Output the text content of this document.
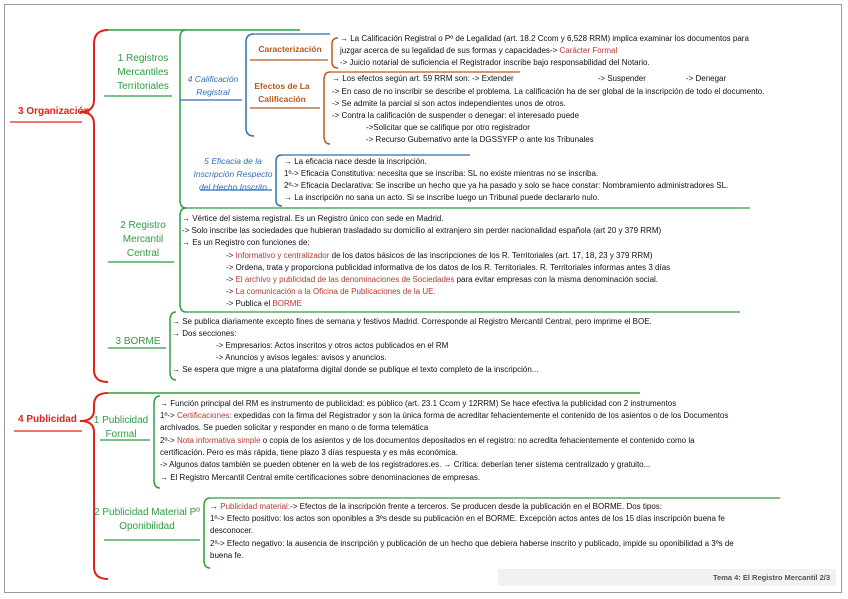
3 Organización
4 Publicidad
1 Registros Mercantiles Territoriales
4 Calificación Registral
Caracterización
Efectos de La Calificación
5 Eficacia de la Inscripción Respecto del Hecho Inscrito
2 Registro Mercantil Central
3 BORME
1 Publicidad Formal
2 Publicidad Material Pº Oponibilidad
→ La Calificación Registral o Pº de Legalidad (art. 18.2 Ccom y 6,528 RRM) implica examinar los documentos para
juzgar acerca de su legalidad de sus formas y capacidades-> Carácter Formal
-> Juicio notarial de suficiencia el Registrador inscribe bajo responsabilidad del Notario.
→ Los efectos según art. 59 RRM son: -> Extender	-> Suspender	-> Denegar
-> En caso de no inscribir se describe el problema. La calificación ha de ser global de la inscripción de todo el documento.
-> Se admite la parcial si son actos independientes unos de otros.
-> Contra la calificación de suspender o denegar: el interesado puede
->Solicitar que se califique por otro registrador
-> Recurso Gubernativo ante la DGSSYFP o ante los Tribunales
→ La eficacia nace desde la inscripción.
1º-> Eficacia Constitutiva: necesita que se inscriba: SL no existe mientras no se inscriba.
2º-> Eficacia Declarativa: Se inscribe un hecho que ya ha pasado y solo se hace constar: Nombramiento administradores SL.
→ La inscripción no sana un acto. Si se inscribe luego un Tribunal puede declararlo nulo.
→ Vértice del sistema registral. Es un Registro único con sede en Madrid.
-> Solo inscribe las sociedades que hubieran trasladado su domicilio al extranjero sin perder nacionalidad española (art 20 y 379 RRM)
→ Es un Registro con funciones de:
-> Informativo y centralizador de los datos básicos de las inscripciones de los R. Territoriales (art. 17, 18, 23 y 379 RRM)
-> Ordena, trata y proporciona publicidad informativa de los datos de los R. Territoriales. R. Territoriales informas antes 3 días
-> El archivo y publicidad de las denominaciones de Sociedades para evitar empresas con la misma denominación social.
-> La comunicación a la Oficina de Publicaciones de la UE.
-> Publica el BORME
→ Se publica diariamente excepto fines de semana y festivos Madrid. Corresponde al Registro Mercantil Central, pero imprime el BOE.
→ Dos secciones:
-> Empresarios: Actos inscritos y otros actos publicados en el RM
-> Anuncios y avisos legales: avisos y anuncios.
→ Se espera que migre a una plataforma digital donde se publique el texto completo de la inscripción...
→ Función principal del RM es instrumento de publicidad: es público (art. 23.1 Ccom y 12RRM) Se hace efectiva la publicidad con 2 instrumentos
1º-> Certificaciones: expedidas con la firma del Registrador y son la única forma de acreditar fehacientemente el contenido de los asientos o de los Documentos
archivados. Se pueden solicitar y responder en mano o de forma telemática
2º-> Nota informativa simple o copia de los asientos y de los documentos depositados en el registro: no acredita fehacientemente el contenido como la
certificación. Pero es más rápida, tiene plazo 3 días respuesta y es más económica.
-> Algunos datos también se pueden obtener en la web de los registradores.es. → Crítica: deberían tener sistema centralizado y gratuito...
→ El Registro Mercantil Central emite certificaciones sobre denominaciones de empresas.
→ Publicidad material:-> Efectos de la inscripción frente a terceros. Se producen desde la publicación en el BORME. Dos tipos:
1º-> Efecto positivo: los actos son oponibles a 3ºs desde su publicación en el BORME. Excepción actos antes de los 15 días inscripción buena fe
desconocer.
2º-> Efecto negativo: la ausencia de inscripción y publicación de un hecho que debiera haberse inscrito y publicado, impide su oponibilidad a 3ºs de
buena fe.
Tema 4: El Registro Mercantil 2/3
